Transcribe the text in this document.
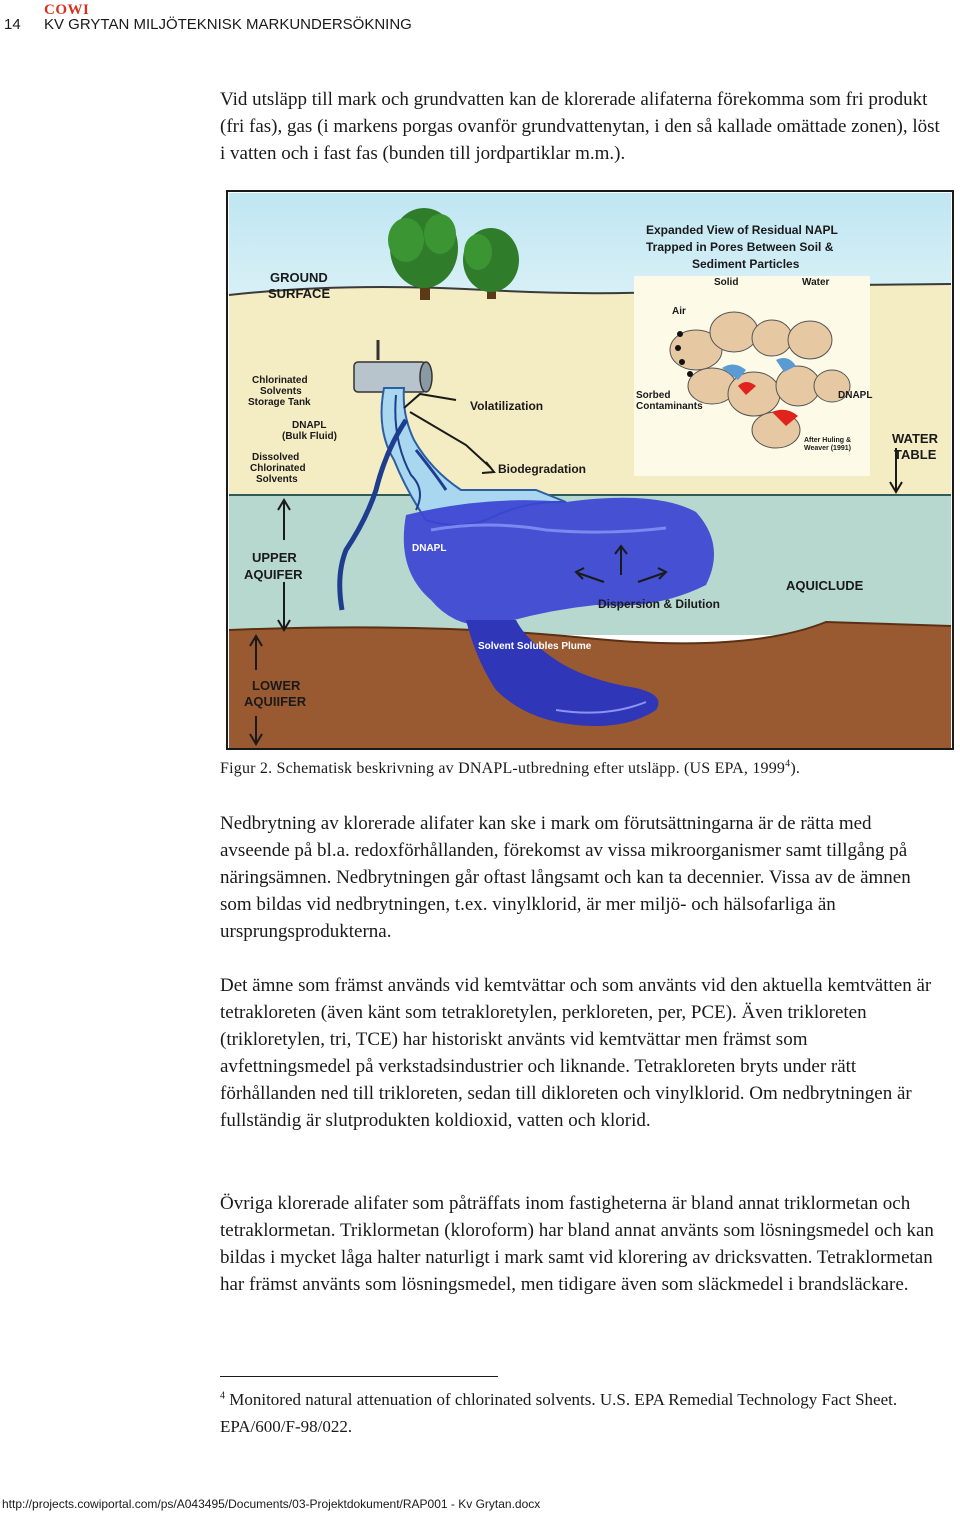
14
COWI
KV GRYTAN MILJÖTEKNISK MARKUNDERSÖKNING

Vid utsläpp till mark och grundvatten kan de klorerade alifaterna förekomma som fri produkt (fri fas), gas (i markens porgas ovanför grundvattenytan, i den så kallade omättade zonen), löst i vatten och i fast fas (bunden till jordpartiklar m.m.).

GROUND
SURFACE
Chlorinated
Solvents
Storage Tank
DNAPL
(Bulk Fluid)
Dissolved
Chlorinated
Solvents
Volatilization
Biodegradation
Expanded View of Residual NAPL
Trapped in Pores Between Soil &
Sediment Particles
Solid	Water
Air
Sorbed
Contaminants
DNAPL
After Huling &
Weaver (1991)
WATER
TABLE
UPPER
AQUIFER
DNAPL
AQUICLUDE
Dispersion & Dilution
Solvent Solubles Plume
LOWER
AQUIIFER
Figur 2. Schematisk beskrivning av DNAPL-utbredning efter utsläpp. (US EPA, 1999$^4$).

Nedbrytning av klorerade alifater kan ske i mark om förutsättningarna är de rätta med avseende på bl.a. redoxförhållanden, förekomst av vissa mikroorganismer samt tillgång på näringsämnen. Nedbrytningen går oftast långsamt och kan ta decennier. Vissa av de ämnen som bildas vid nedbrytningen, t.ex. vinylklorid, är mer miljö- och hälsofarliga än ursprungsprodukterna.

Det ämne som främst används vid kemtvättar och som använts vid den aktuella kemtvätten är tetrakloreten (även känt som tetrakloretylen, perkloreten, per, PCE). Även trikloreten (trikloretylen, tri, TCE) har historiskt använts vid kemtvättar men främst som avfettningsmedel på verkstadsindustrier och liknande. Tetrakloreten bryts under rätt förhållanden ned till trikloreten, sedan till dikloreten och vinylklorid. Om nedbrytningen är fullständig är slutprodukten koldioxid, vatten och klorid.

Övriga klorerade alifater som påträffats inom fastigheterna är bland annat triklormetan och tetraklormetan. Triklormetan (kloroform) har bland annat använts som lösningsmedel och kan bildas i mycket låga halter naturligt i mark samt vid klorering av dricksvatten. Tetraklormetan har främst använts som lösningsmedel, men tidigare även som släckmedel i brandsläckare.

$^4$ Monitored natural attenuation of chlorinated solvents. U.S. EPA Remedial Technology Fact Sheet. EPA/600/F-98/022.

http://projects.cowiportal.com/ps/A043495/Documents/03-Projektdokument/RAP001 - Kv Grytan.docx
